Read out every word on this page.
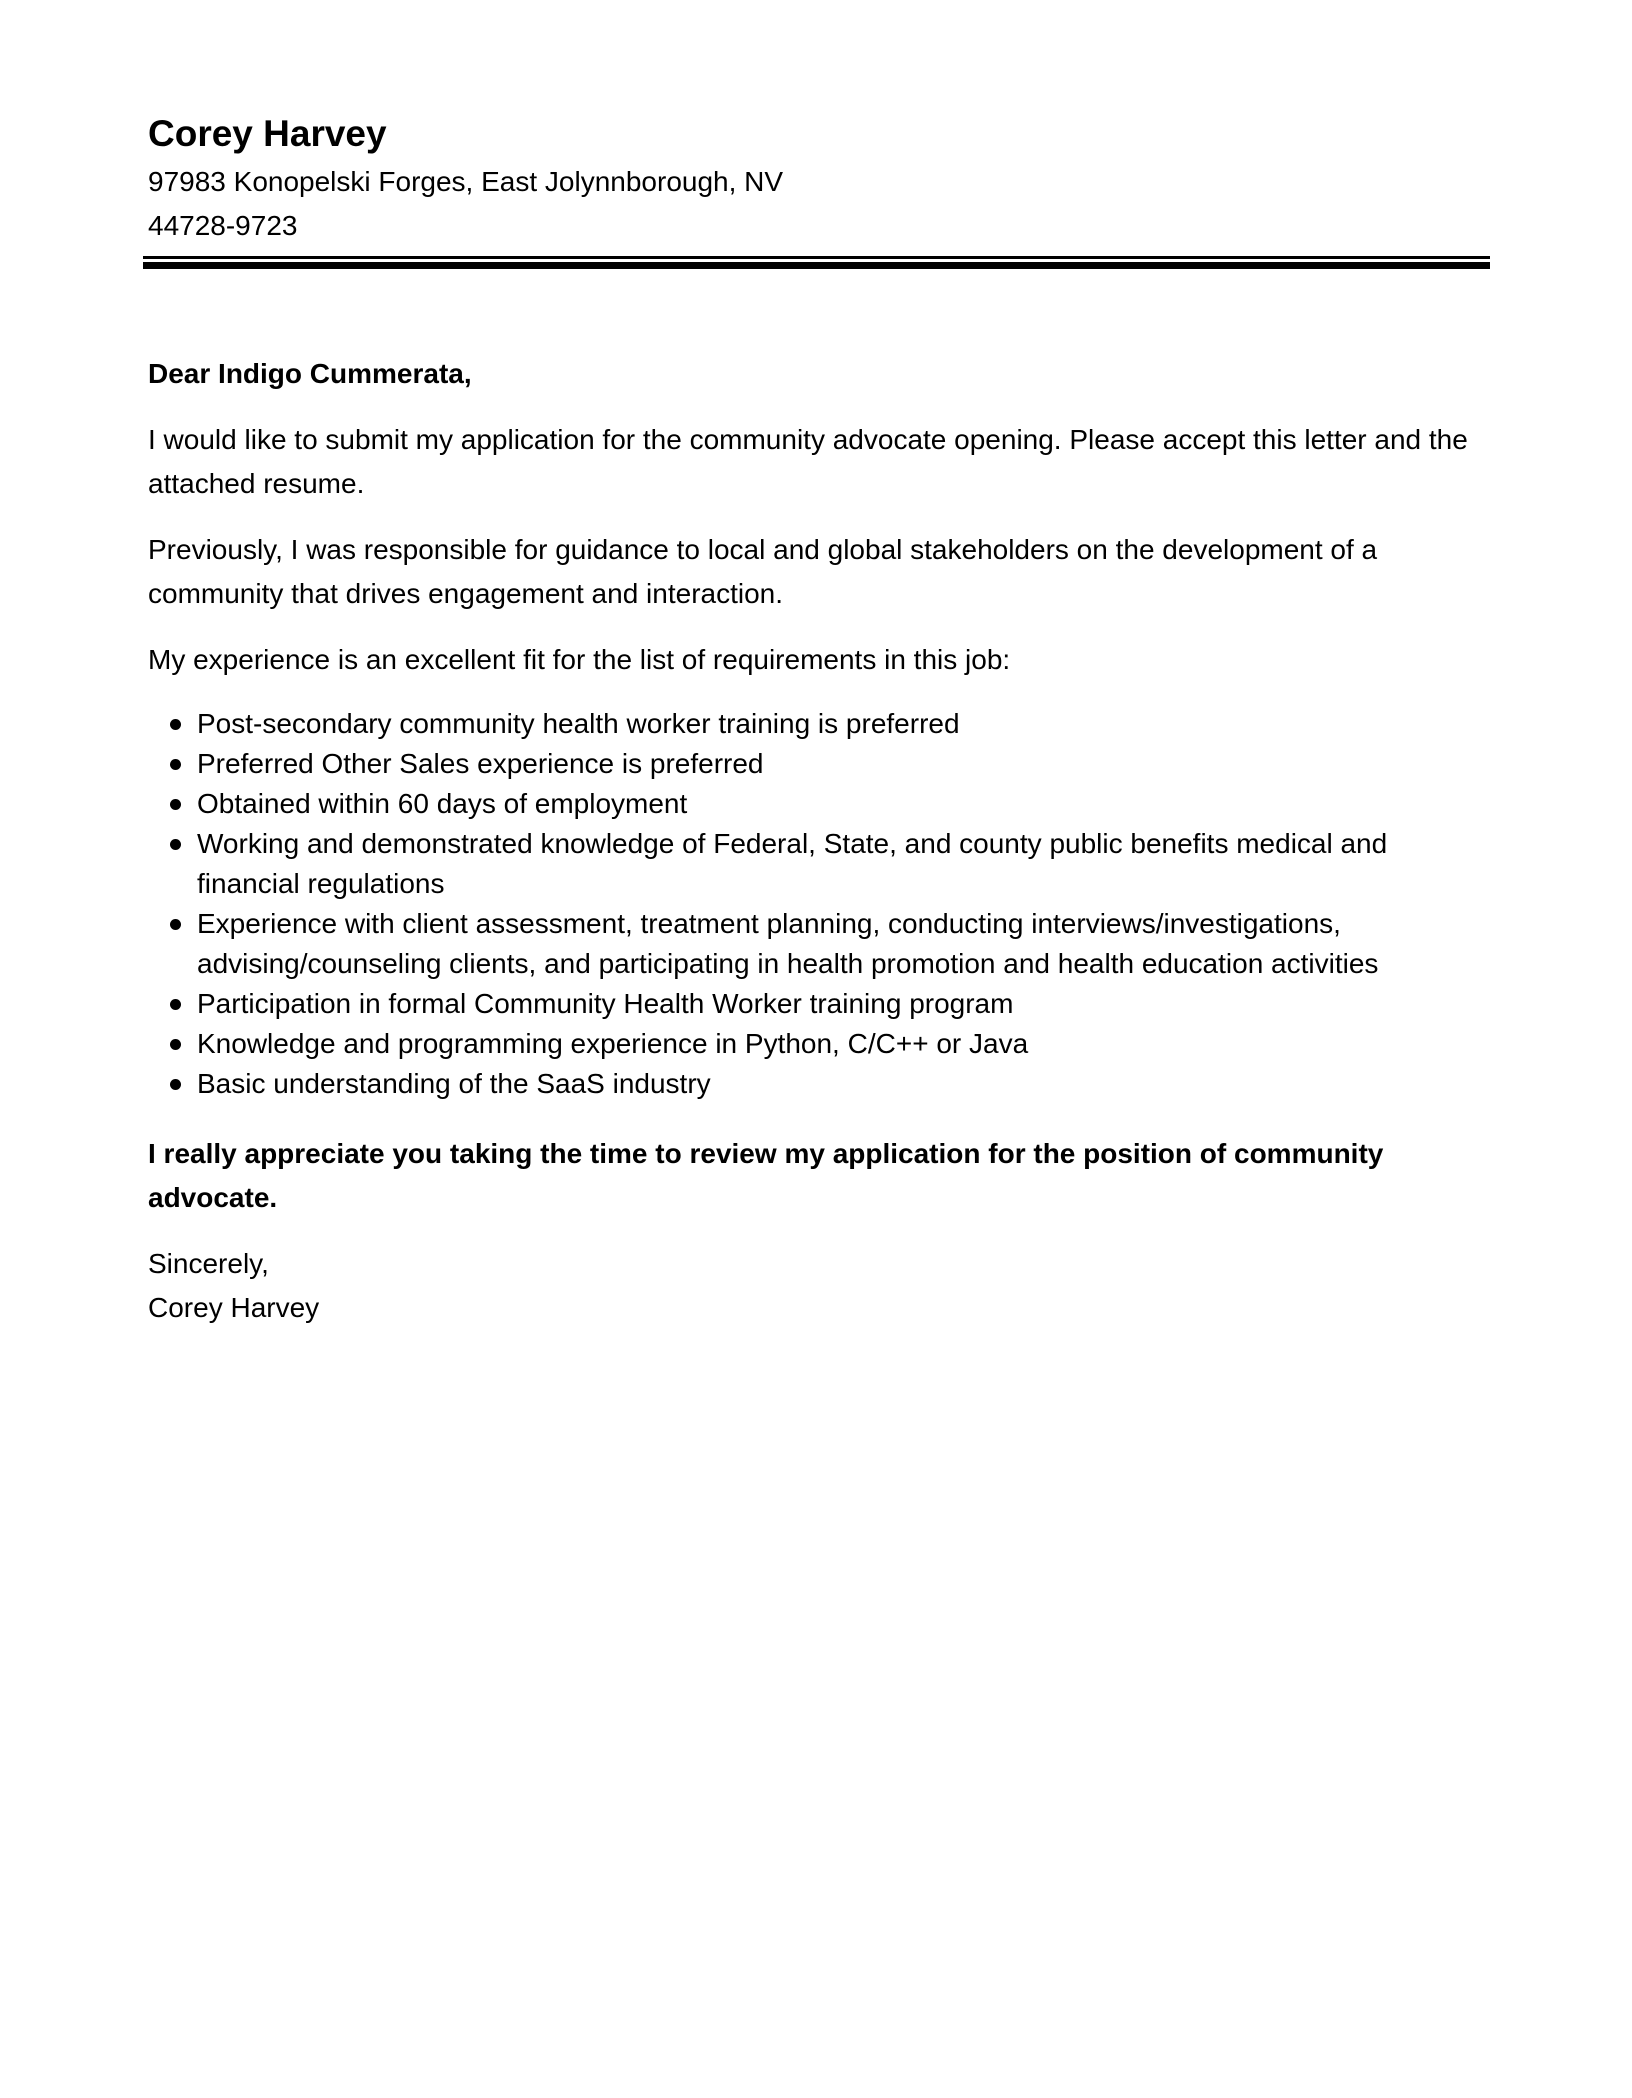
Corey Harvey

97983 Konopelski Forges, East Jolynnborough, NV

44728-9723

Dear Indigo Cummerata,

I would like to submit my application for the community advocate opening. Please accept this letter and the attached resume.

Previously, I was responsible for guidance to local and global stakeholders on the development of a community that drives engagement and interaction.

My experience is an excellent fit for the list of requirements in this job:

Post-secondary community health worker training is preferred
Preferred Other Sales experience is preferred
Obtained within 60 days of employment
Working and demonstrated knowledge of Federal, State, and county public benefits medical and financial regulations
Experience with client assessment, treatment planning, conducting interviews/investigations, advising/counseling clients, and participating in health promotion and health education activities
Participation in formal Community Health Worker training program
Knowledge and programming experience in Python, C/C++ or Java
Basic understanding of the SaaS industry

I really appreciate you taking the time to review my application for the position of community advocate.

Sincerely,

Corey Harvey
